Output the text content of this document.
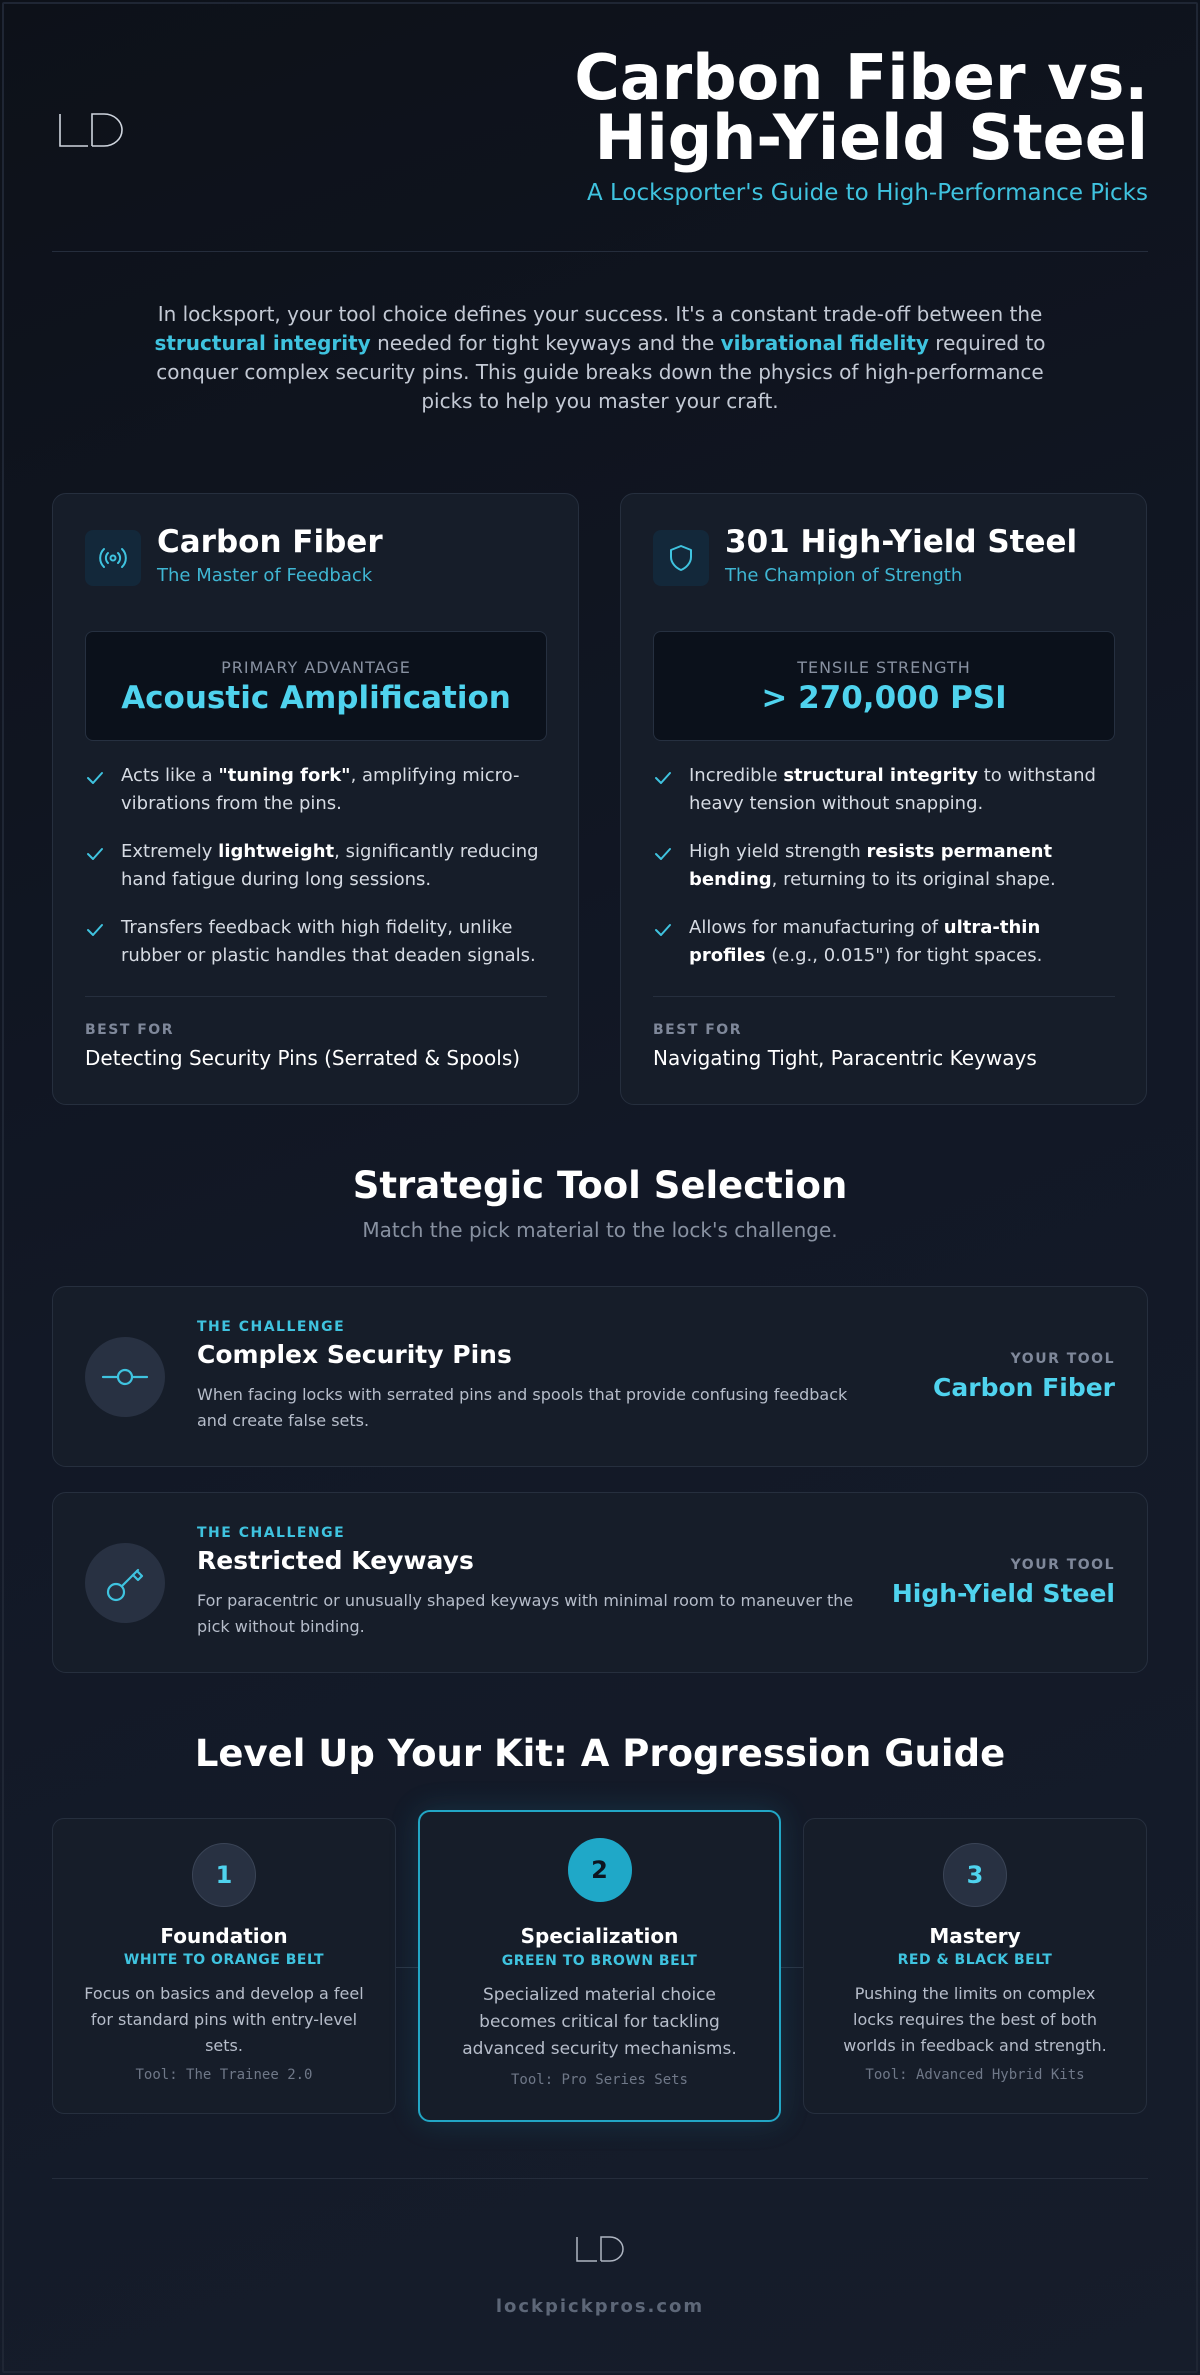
Carbon Fiber vs. High-Yield Steel
A Locksporter's Guide to High-Performance Picks

In locksport, your tool choice defines your success. It's a constant trade-off between the structural integrity needed for tight keyways and the vibrational fidelity required to conquer complex security pins. This guide breaks down the physics of high-performance picks to help you master your craft.

Carbon Fiber
The Master of Feedback
PRIMARY ADVANTAGE
Acoustic Amplification
Acts like a "tuning fork", amplifying micro-vibrations from the pins.
Extremely lightweight, significantly reducing hand fatigue during long sessions.
Transfers feedback with high fidelity, unlike rubber or plastic handles that deaden signals.
BEST FOR
Detecting Security Pins (Serrated & Spools)
301 High-Yield Steel
The Champion of Strength
TENSILE STRENGTH
> 270,000 PSI
Incredible structural integrity to withstand heavy tension without snapping.
High yield strength resists permanent bending, returning to its original shape.
Allows for manufacturing of ultra-thin profiles (e.g., 0.015") for tight spaces.
BEST FOR
Navigating Tight, Paracentric Keyways
Strategic Tool Selection
Match the pick material to the lock's challenge.
THE CHALLENGE
Complex Security Pins
When facing locks with serrated pins and spools that provide confusing feedback and create false sets.
YOUR TOOL
Carbon Fiber
THE CHALLENGE
Restricted Keyways
For paracentric or unusually shaped keyways with minimal room to maneuver the pick without binding.
YOUR TOOL
High-Yield Steel
Level Up Your Kit: A Progression Guide
1
Foundation
WHITE TO ORANGE BELT
Focus on basics and develop a feel for standard pins with entry-level sets.
Tool: The Trainee 2.0
2
Specialization
GREEN TO BROWN BELT
Specialized material choice becomes critical for tackling advanced security mechanisms.
Tool: Pro Series Sets
3
Mastery
RED & BLACK BELT
Pushing the limits on complex locks requires the best of both worlds in feedback and strength.
Tool: Advanced Hybrid Kits
lockpickpros.com
